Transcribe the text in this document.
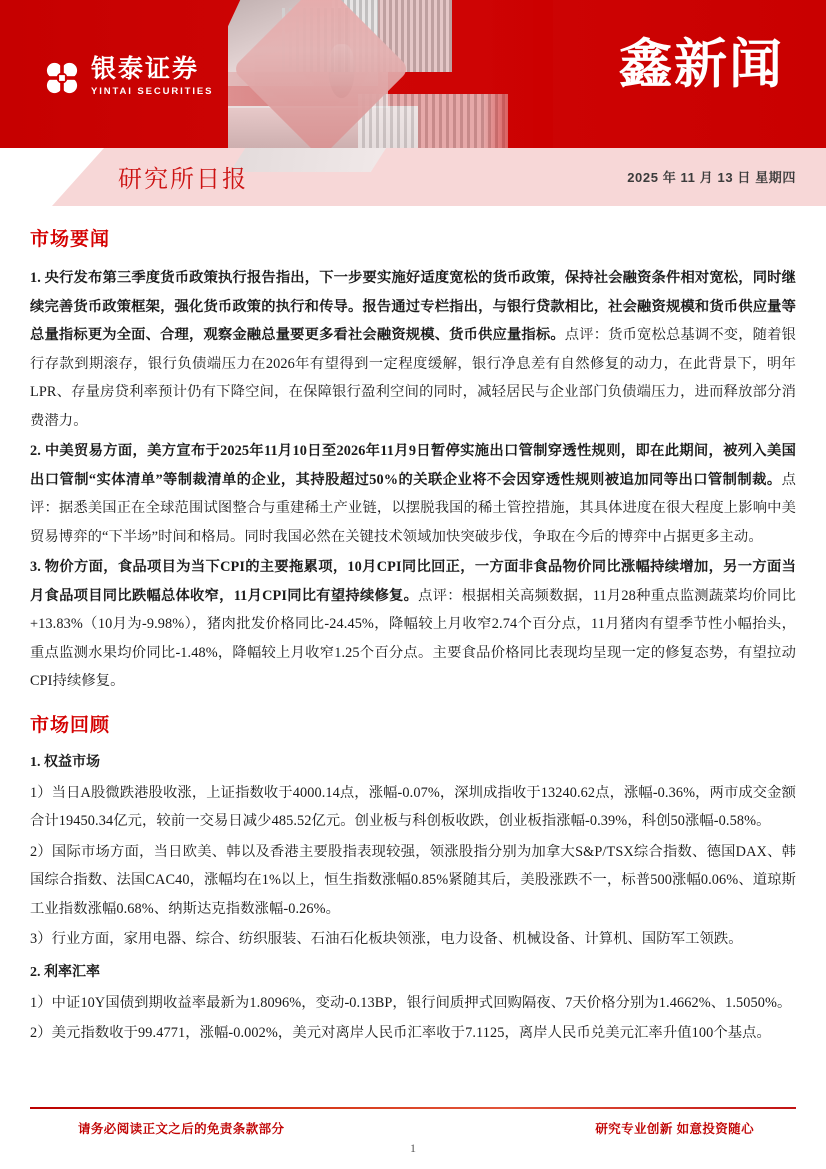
银泰证券
YINTAI SECURITIES	鑫新闻
研究所日报	2025 年 11 月 13 日 星期四
市场要闻

1. 央行发布第三季度货币政策执行报告指出，下一步要实施好适度宽松的货币政策，保持社会融资条件相对宽松，同时继续完善货币政策框架，强化货币政策的执行和传导。报告通过专栏指出，与银行贷款相比，社会融资规模和货币供应量等总量指标更为全面、合理，观察金融总量要更多看社会融资规模、货币供应量指标。点评：货币宽松总基调不变，随着银行存款到期滚存，银行负债端压力在2026年有望得到一定程度缓解，银行净息差有自然修复的动力，在此背景下，明年LPR、存量房贷利率预计仍有下降空间，在保障银行盈利空间的同时，减轻居民与企业部门负债端压力，进而释放部分消费潜力。

2. 中美贸易方面，美方宣布于2025年11月10日至2026年11月9日暂停实施出口管制穿透性规则，即在此期间，被列入美国出口管制“实体清单”等制裁清单的企业，其持股超过50%的关联企业将不会因穿透性规则被追加同等出口管制制裁。点评：据悉美国正在全球范围试图整合与重建稀土产业链，以摆脱我国的稀土管控措施，其具体进度在很大程度上影响中美贸易博弈的“下半场”时间和格局。同时我国必然在关键技术领域加快突破步伐，争取在今后的博弈中占据更多主动。

3. 物价方面，食品项目为当下CPI的主要拖累项，10月CPI同比回正，一方面非食品物价同比涨幅持续增加，另一方面当月食品项目同比跌幅总体收窄，11月CPI同比有望持续修复。点评：根据相关高频数据，11月28种重点监测蔬菜均价同比+13.83%（10月为-9.98%），猪肉批发价格同比-24.45%，降幅较上月收窄2.74个百分点，11月猪肉有望季节性小幅抬头，重点监测水果均价同比-1.48%，降幅较上月收窄1.25个百分点。主要食品价格同比表现均呈现一定的修复态势，有望拉动CPI持续修复。

市场回顾
1. 权益市场

1）当日A股微跌港股收涨，上证指数收于4000.14点，涨幅-0.07%，深圳成指收于13240.62点，涨幅-0.36%，两市成交金额合计19450.34亿元，较前一交易日减少485.52亿元。创业板与科创板收跌，创业板指涨幅-0.39%，科创50涨幅-0.58%。

2）国际市场方面，当日欧美、韩以及香港主要股指表现较强，领涨股指分别为加拿大S&P/TSX综合指数、德国DAX、韩国综合指数、法国CAC40，涨幅均在1%以上，恒生指数涨幅0.85%紧随其后，美股涨跌不一，标普500涨幅0.06%、道琼斯工业指数涨幅0.68%、纳斯达克指数涨幅-0.26%。

3）行业方面，家用电器、综合、纺织服装、石油石化板块领涨，电力设备、机械设备、计算机、国防军工领跌。

2. 利率汇率

1）中证10Y国债到期收益率最新为1.8096%，变动-0.13BP，银行间质押式回购隔夜、7天价格分别为1.4662%、1.5050%。

2）美元指数收于99.4771，涨幅-0.002%，美元对离岸人民币汇率收于7.1125，离岸人民币兑美元汇率升值100个基点。

请务必阅读正文之后的免责条款部分	研究专业创新 如意投资随心
1
